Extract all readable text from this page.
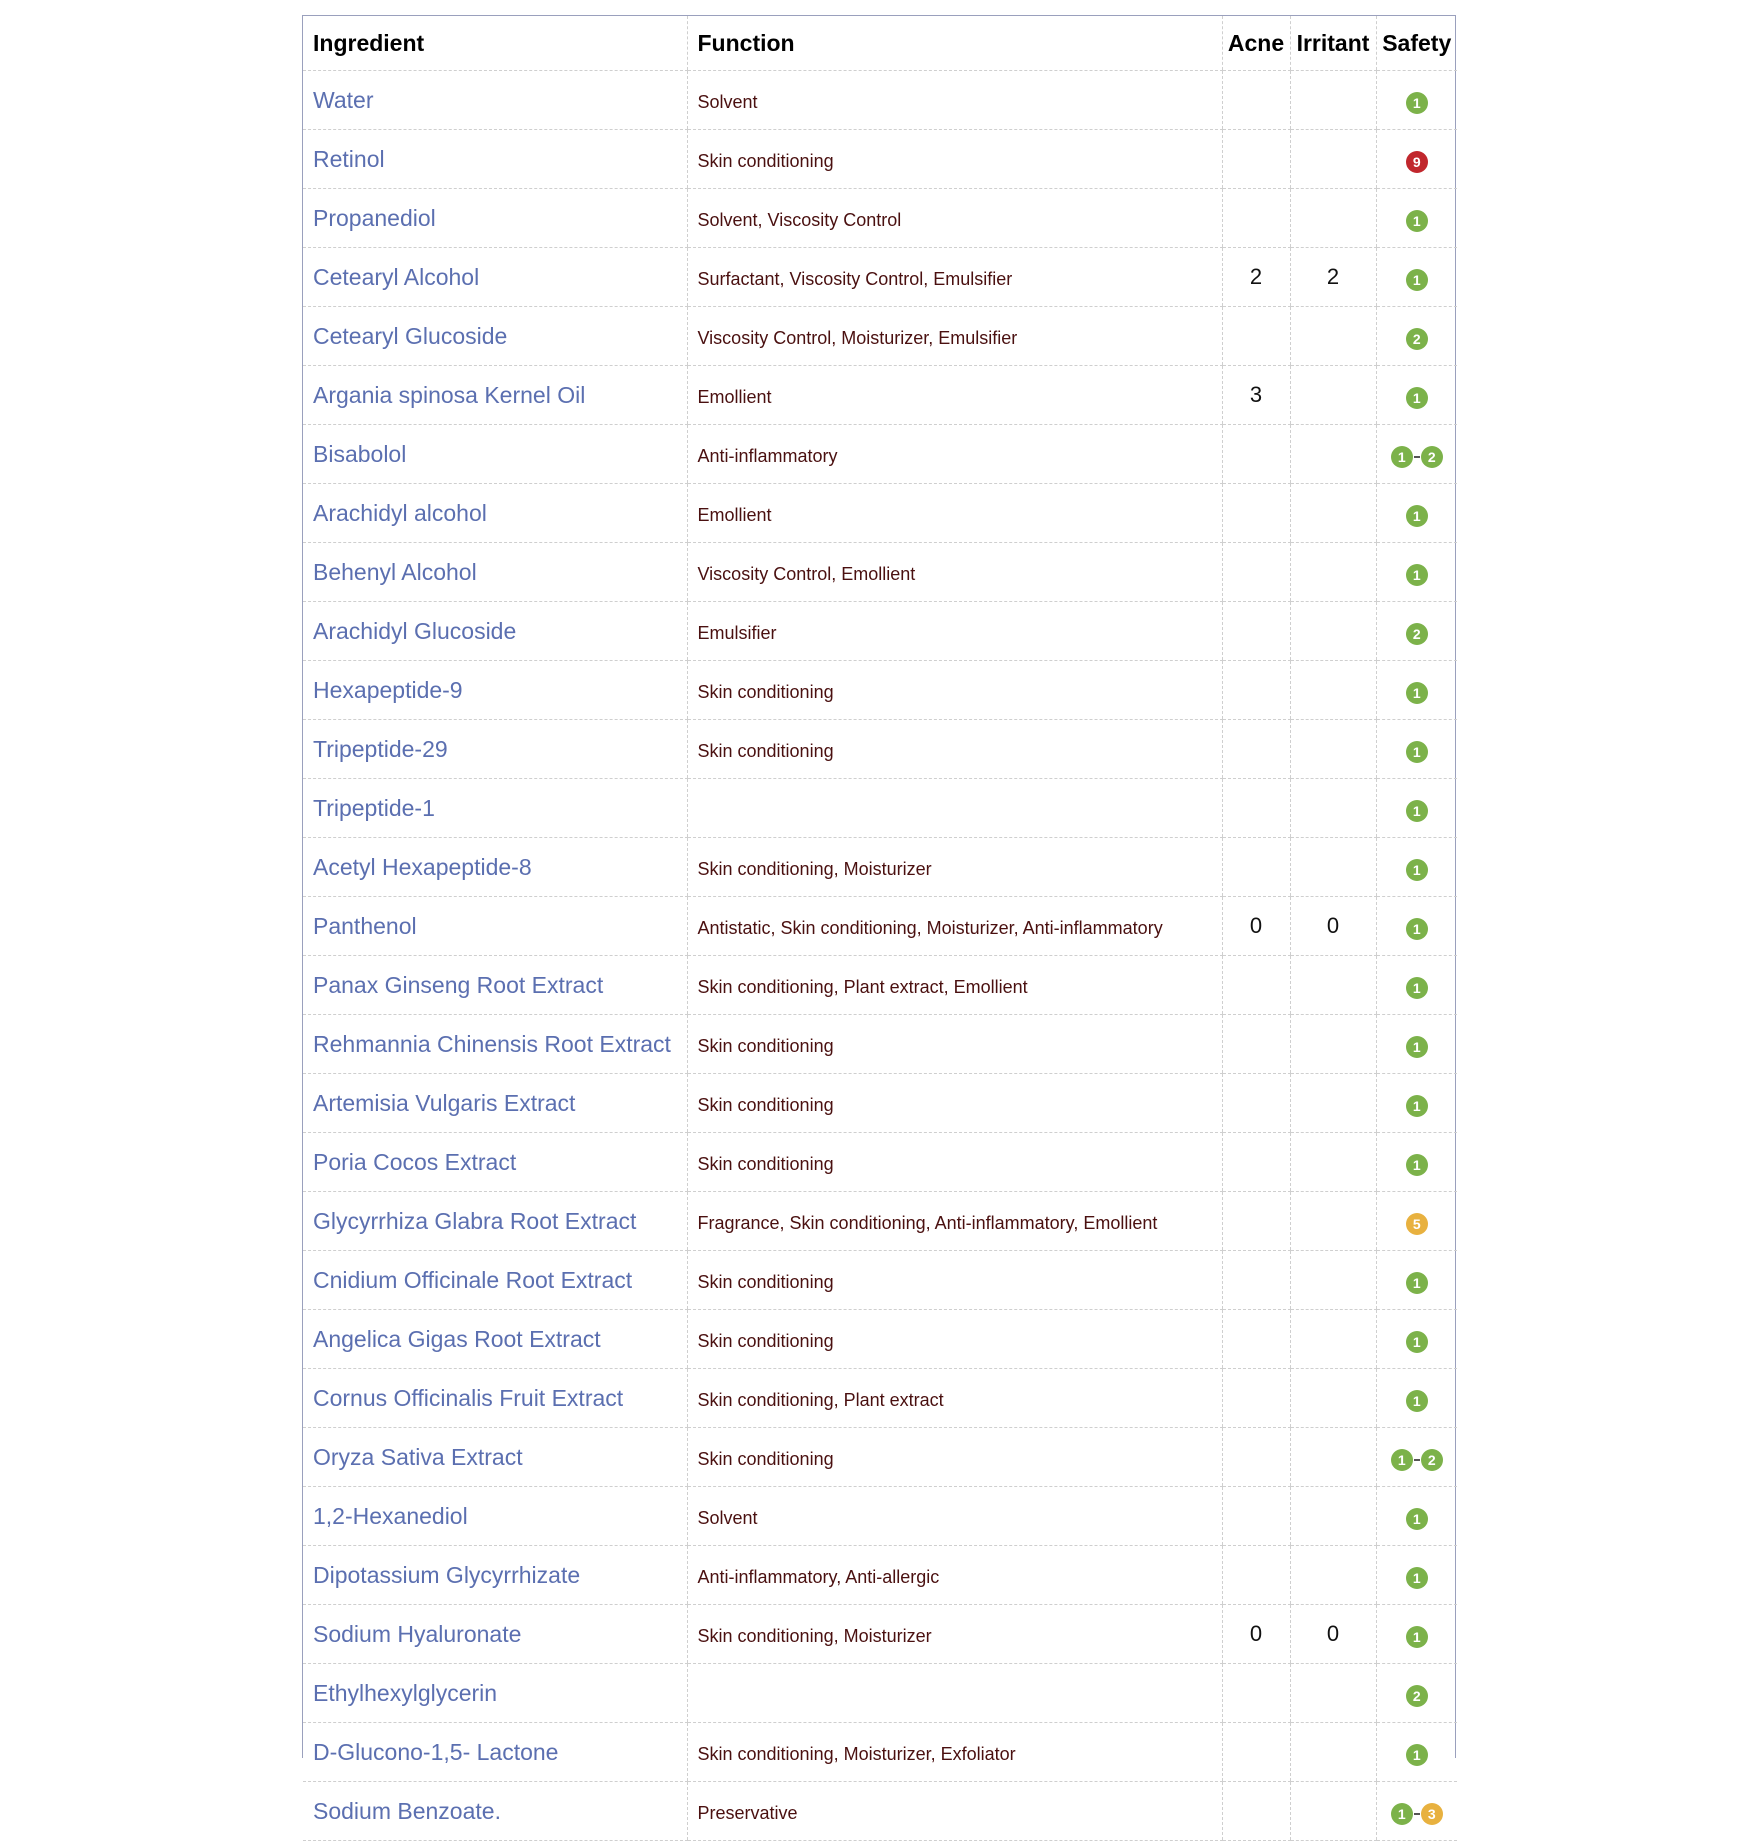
Ingredient	Function	Acne	Irritant	Safety
Water	Solvent			1

Retinol	Skin conditioning			9

Propanediol	Solvent, Viscosity Control			1

Cetearyl Alcohol	Surfactant, Viscosity Control, Emulsifier	2	2	1

Cetearyl Glucoside	Viscosity Control, Moisturizer, Emulsifier			2

Argania spinosa Kernel Oil	Emollient	3		1

Bisabolol	Anti-inflammatory			1 2

Arachidyl alcohol	Emollient			1

Behenyl Alcohol	Viscosity Control, Emollient			1

Arachidyl Glucoside	Emulsifier			2

Hexapeptide-9	Skin conditioning			1

Tripeptide-29	Skin conditioning			1

Tripeptide-1				1

Acetyl Hexapeptide-8	Skin conditioning, Moisturizer			1

Panthenol	Antistatic, Skin conditioning, Moisturizer, Anti-inflammatory	0	0	1

Panax Ginseng Root Extract	Skin conditioning, Plant extract, Emollient			1

Rehmannia Chinensis Root Extract	Skin conditioning			1

Artemisia Vulgaris Extract	Skin conditioning			1

Poria Cocos Extract	Skin conditioning			1

Glycyrrhiza Glabra Root Extract	Fragrance, Skin conditioning, Anti-inflammatory, Emollient			5

Cnidium Officinale Root Extract	Skin conditioning			1

Angelica Gigas Root Extract	Skin conditioning			1

Cornus Officinalis Fruit Extract	Skin conditioning, Plant extract			1

Oryza Sativa Extract	Skin conditioning			1 2

1,2-Hexanediol	Solvent			1

Dipotassium Glycyrrhizate	Anti-inflammatory, Anti-allergic			1

Sodium Hyaluronate	Skin conditioning, Moisturizer	0	0	1

Ethylhexylglycerin				2

D-Glucono-1,5- Lactone	Skin conditioning, Moisturizer, Exfoliator			1

Sodium Benzoate.	Preservative			1 3
